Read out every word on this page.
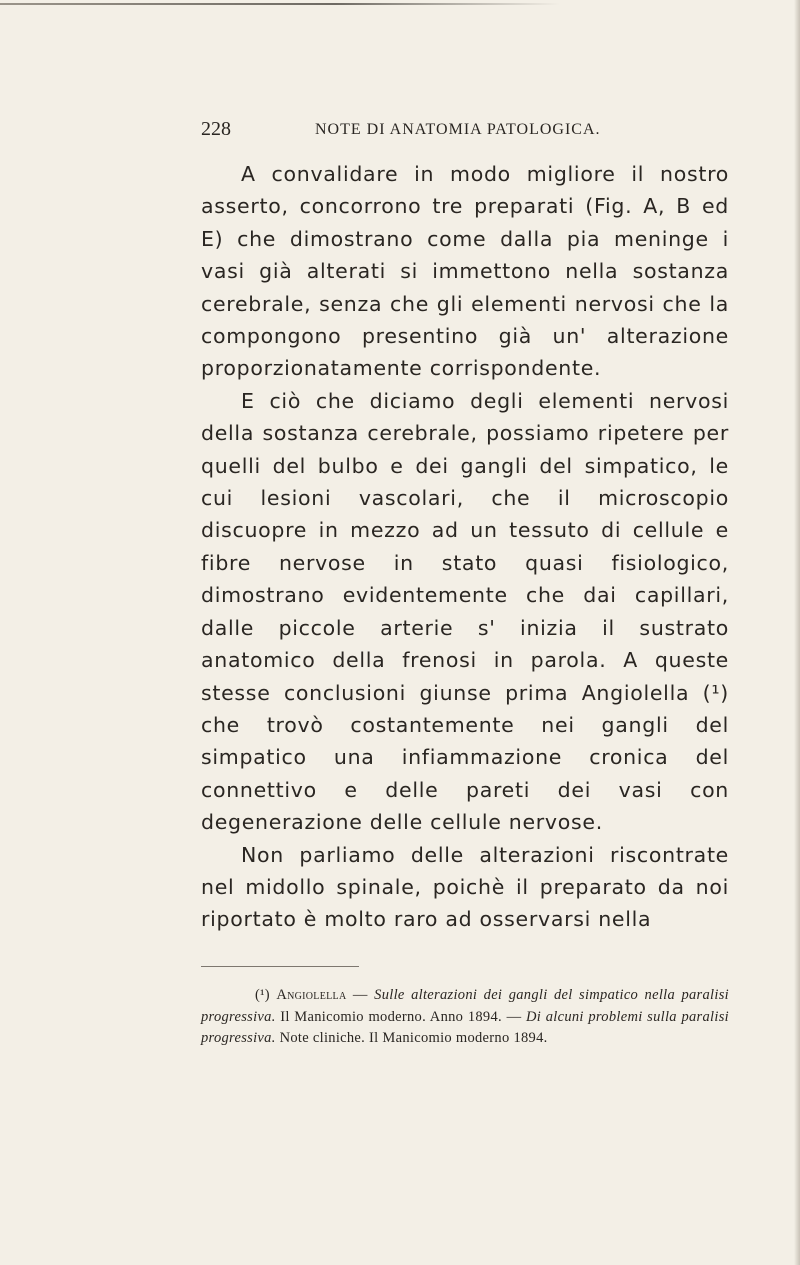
228	NOTE DI ANATOMIA PATOLOGICA.

A convalidare in modo migliore il nostro asserto, concorrono tre preparati (Fig. A, B ed E) che dimostrano come dalla pia meninge i vasi già alterati si immettono nella sostanza cerebrale, senza che gli elementi nervosi che la compongono presentino già un' alterazione proporzionatamente corrispondente.

E ciò che diciamo degli elementi nervosi della sostanza cerebrale, possiamo ripetere per quelli del bulbo e dei gangli del simpatico, le cui lesioni vascolari, che il microscopio discuopre in mezzo ad un tessuto di cellule e fibre nervose in stato quasi fisiologico, dimostrano evidentemente che dai capillari, dalle piccole arterie s' inizia il sustrato anatomico della frenosi in parola. A queste stesse conclusioni giunse prima Angiolella (¹) che trovò costantemente nei gangli del simpatico una infiammazione cronica del connettivo e delle pareti dei vasi con degenerazione delle cellule nervose.

Non parliamo delle alterazioni riscontrate nel midollo spinale, poichè il preparato da noi riportato è molto raro ad osservarsi nella

(¹) Angiolella — Sulle alterazioni dei gangli del simpatico nella paralisi progressiva. Il Manicomio moderno. Anno 1894. — Di alcuni problemi sulla paralisi progressiva. Note cliniche. Il Manicomio moderno 1894.
